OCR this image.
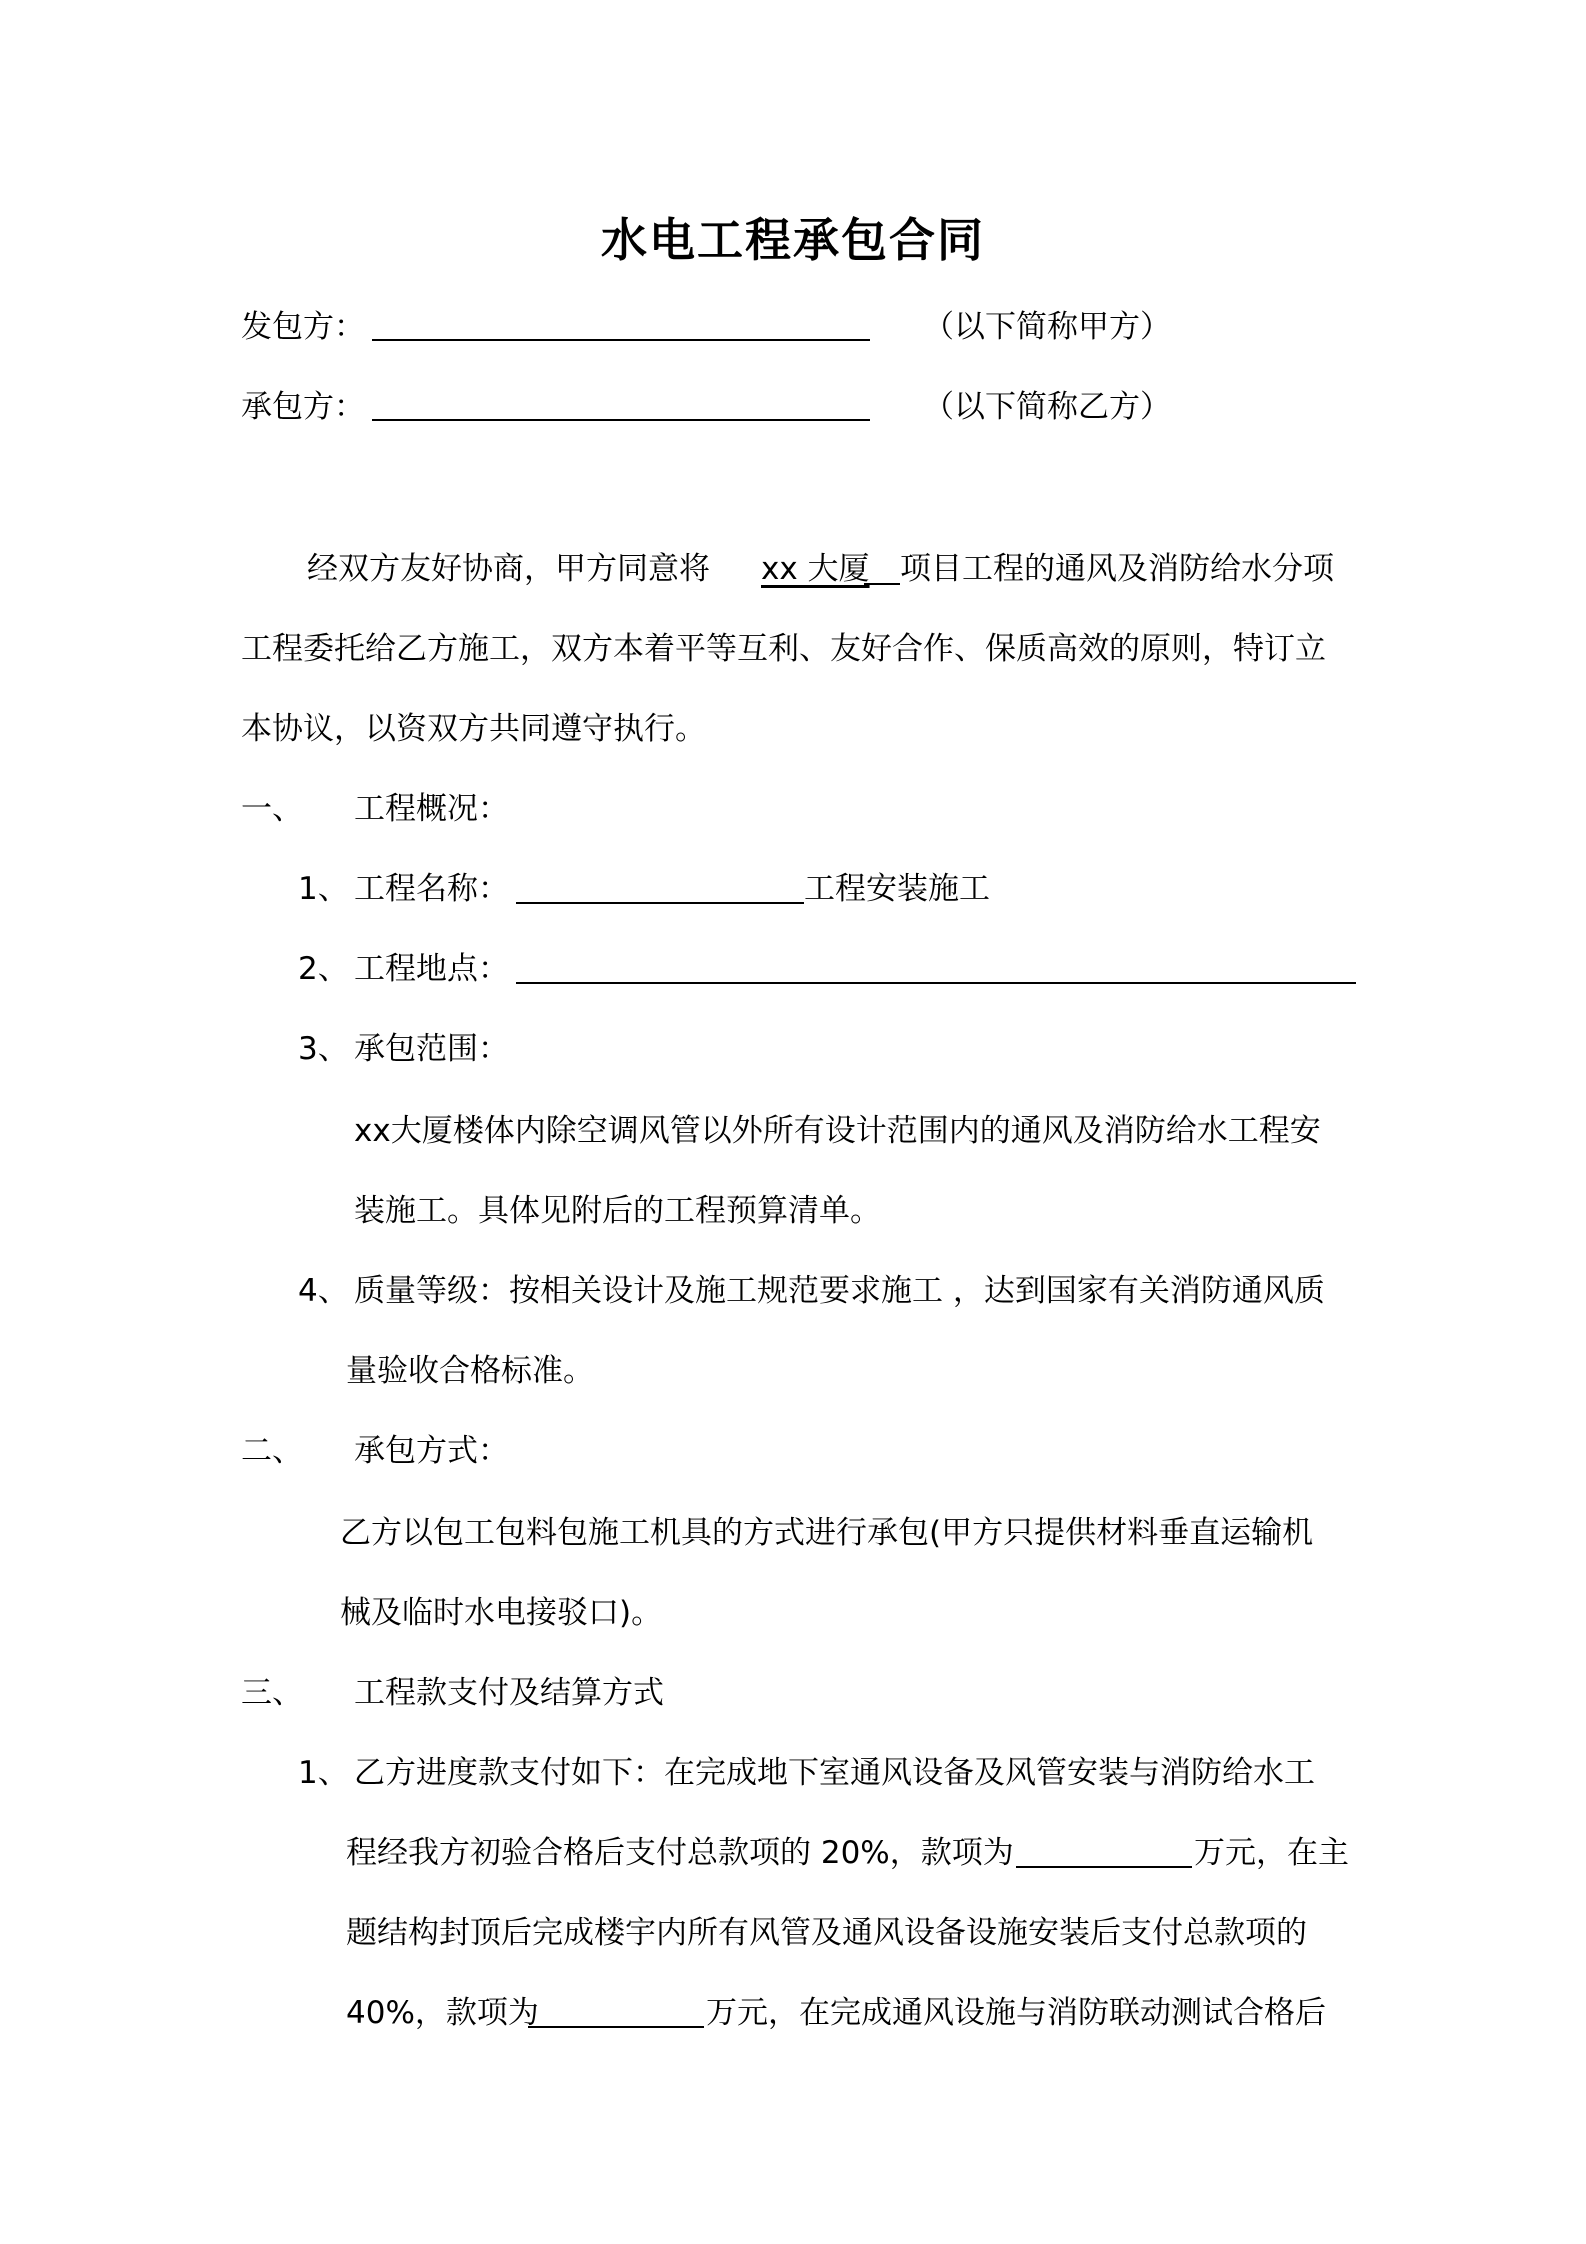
水电工程承包合同
发包方：	（以下简称甲方）
承包方：	（以下简称乙方）
经双方友好协商，甲方同意将 xx 大厦 项目工程的通风及消防给水分项
工程委托给乙方施工，双方本着平等互利、友好合作、保质高效的原则，特订立
本协议，以资双方共同遵守执行。
一、 工程概况：
1、 工程名称：	工程安装施工
2、 工程地点：
3、 承包范围：
xx大厦楼体内除空调风管以外所有设计范围内的通风及消防给水工程安
装施工。具体见附后的工程预算清单。
4、 质量等级：按相关设计及施工规范要求施工 ，达到国家有关消防通风质
量验收合格标准。
二、 承包方式：
乙方以包工包料包施工机具的方式进行承包(甲方只提供材料垂直运输机
械及临时水电接驳口)。
三、 工程款支付及结算方式
1、 乙方进度款支付如下：在完成地下室通风设备及风管安装与消防给水工
程经我方初验合格后支付总款项的 20%，款项为	万元，在主
题结构封顶后完成楼宇内所有风管及通风设备设施安装后支付总款项的
40%，款项为	万元，在完成通风设施与消防联动测试合格后
